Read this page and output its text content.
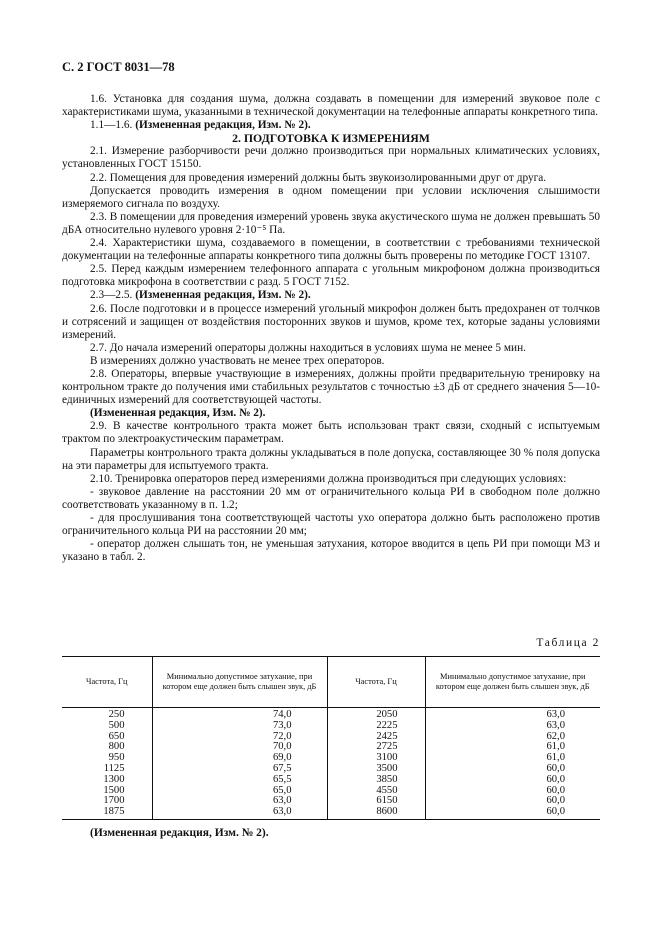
С. 2 ГОСТ 8031—78

1.6. Установка для создания шума, должна создавать в помещении для измерений звуковое поле с характеристиками шума, указанными в технической документации на телефонные аппараты конкретного типа.

1.1—1.6. (Измененная редакция, Изм. № 2).

2. ПОДГОТОВКА К ИЗМЕРЕНИЯМ

2.1. Измерение разборчивости речи должно производиться при нормальных климатических условиях, установленных ГОСТ 15150.

2.2. Помещения для проведения измерений должны быть звукоизолированными друг от друга.

Допускается проводить измерения в одном помещении при условии исключения слышимости измеряемого сигнала по воздуху.

2.3. В помещении для проведения измерений уровень звука акустического шума не должен превышать 50 дБА относительно нулевого уровня 2·10⁻⁵ Па.

2.4. Характеристики шума, создаваемого в помещении, в соответствии с требованиями технической документации на телефонные аппараты конкретного типа должны быть проверены по методике ГОСТ 13107.

2.5. Перед каждым измерением телефонного аппарата с угольным микрофоном должна производиться подготовка микрофона в соответствии с разд. 5 ГОСТ 7152.

2.3—2.5. (Измененная редакция, Изм. № 2).

2.6. После подготовки и в процессе измерений угольный микрофон должен быть предохранен от толчков и сотрясений и защищен от воздействия посторонних звуков и шумов, кроме тех, которые заданы условиями измерений.

2.7. До начала измерений операторы должны находиться в условиях шума не менее 5 мин.

В измерениях должно участвовать не менее трех операторов.

2.8. Операторы, впервые участвующие в измерениях, должны пройти предварительную тренировку на контрольном тракте до получения ими стабильных результатов с точностью ±3 дБ от среднего значения 5—10-единичных измерений для соответствующей частоты.

(Измененная редакция, Изм. № 2).

2.9. В качестве контрольного тракта может быть использован тракт связи, сходный с испытуемым трактом по электроакустическим параметрам.

Параметры контрольного тракта должны укладываться в поле допуска, составляющее 30 % поля допуска на эти параметры для испытуемого тракта.

2.10. Тренировка операторов перед измерениями должна производиться при следующих условиях:

- звуковое давление на расстоянии 20 мм от ограничительного кольца РИ в свободном поле должно соответствовать указанному в п. 1.2;

- для прослушивания тона соответствующей частоты ухо оператора должно быть расположено против ограничительного кольца РИ на расстоянии 20 мм;

- оператор должен слышать тон, не уменьшая затухания, которое вводится в цепь РИ при помощи МЗ и указано в табл. 2.

Таблица 2
Частота, Гц	Минимально допустимое затухание, при котором еще должен быть слышен звук, дБ	Частота, Гц	Минимально допустимое затухание, при котором еще должен быть слышен звук, дБ
250	74,0	2050	63,0
500	73,0	2225	63,0
650	72,0	2425	62,0
800	70,0	2725	61,0
950	69,0	3100	61,0
1125	67,5	3500	60,0
1300	65,5	3850	60,0
1500	65,0	4550	60,0
1700	63,0	6150	60,0
1875	63,0	8600	60,0
(Измененная редакция, Изм. № 2).
